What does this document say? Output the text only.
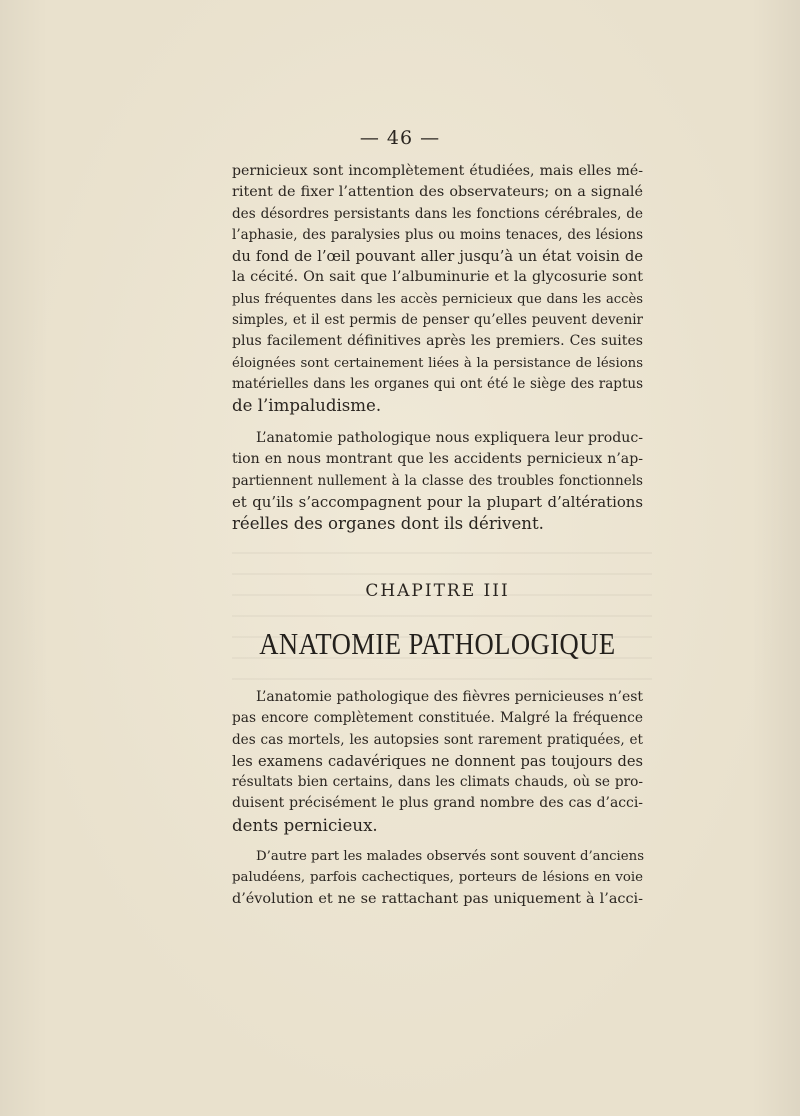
— 46 —

pernicieux sont incomplètement étudiées, mais elles mé-
ritent de fixer l’attention des observateurs; on a signalé
des désordres persistants dans les fonctions cérébrales, de
l’aphasie, des paralysies plus ou moins tenaces, des lésions
du fond de l’œil pouvant aller jusqu’à un état voisin de
la cécité. On sait que l’albuminurie et la glycosurie sont
plus fréquentes dans les accès pernicieux que dans les accès
simples, et il est permis de penser qu’elles peuvent devenir
plus facilement définitives après les premiers. Ces suites
éloignées sont certainement liées à la persistance de lésions
matérielles dans les organes qui ont été le siège des raptus
de l’impaludisme.

L’anatomie pathologique nous expliquera leur produc-
tion en nous montrant que les accidents pernicieux n’ap-
partiennent nullement à la classe des troubles fonctionnels
et qu’ils s’accompagnent pour la plupart d’altérations
réelles des organes dont ils dérivent.

CHAPITRE III
ANATOMIE PATHOLOGIQUE

L’anatomie pathologique des fièvres pernicieuses n’est
pas encore complètement constituée. Malgré la fréquence
des cas mortels, les autopsies sont rarement pratiquées, et
les examens cadavériques ne donnent pas toujours des
résultats bien certains, dans les climats chauds, où se pro-
duisent précisément le plus grand nombre des cas d’acci-
dents pernicieux.

D’autre part les malades observés sont souvent d’anciens
paludéens, parfois cachectiques, porteurs de lésions en voie
d’évolution et ne se rattachant pas uniquement à l’acci-
